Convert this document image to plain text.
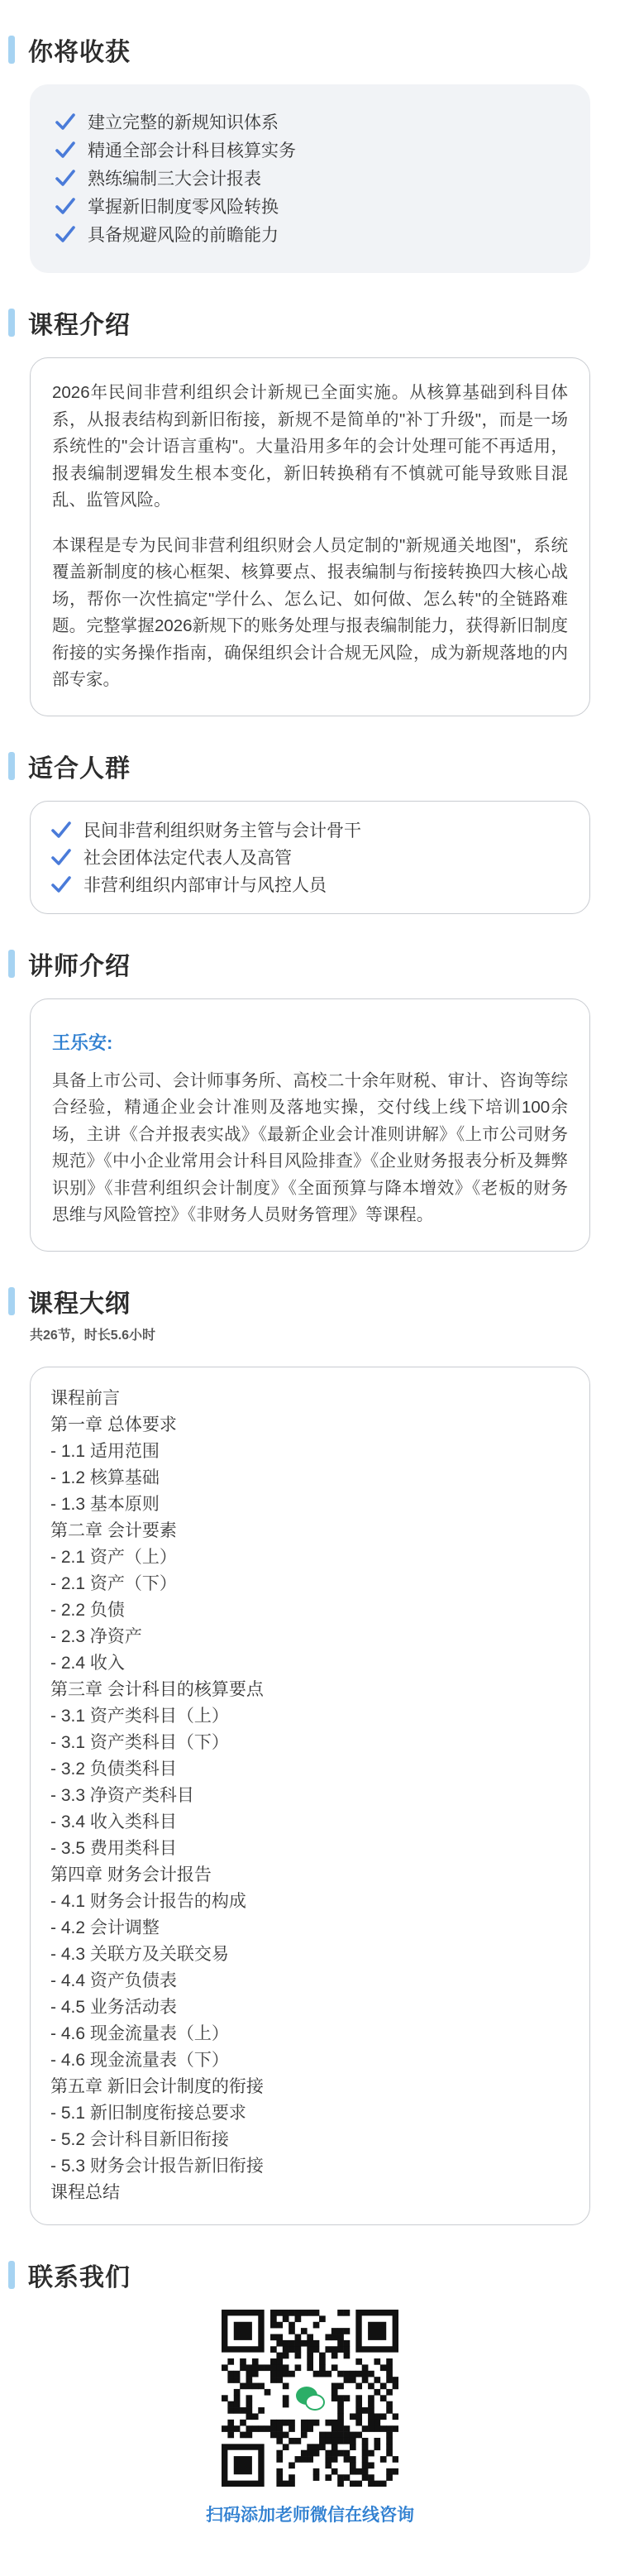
你将收获
建立完整的新规知识体系
精通全部会计科目核算实务
熟练编制三大会计报表
掌握新旧制度零风险转换
具备规避风险的前瞻能力
课程介绍

2026年民间非营利组织会计新规已全面实施。从核算基础到科目体系，从报表结构到新旧衔接，新规不是简单的"补丁升级"，而是一场系统性的"会计语言重构"。大量沿用多年的会计处理可能不再适用，报表编制逻辑发生根本变化，新旧转换稍有不慎就可能导致账目混乱、监管风险。

本课程是专为民间非营利组织财会人员定制的"新规通关地图"，系统覆盖新制度的核心框架、核算要点、报表编制与衔接转换四大核心战场，帮你一次性搞定"学什么、怎么记、如何做、怎么转"的全链路难题。完整掌握2026新规下的账务处理与报表编制能力，获得新旧制度衔接的实务操作指南，确保组织会计合规无风险，成为新规落地的内部专家。

适合人群
民间非营利组织财务主管与会计骨干
社会团体法定代表人及高管
非营利组织内部审计与风控人员
讲师介绍
王乐安:

具备上市公司、会计师事务所、高校二十余年财税、审计、咨询等综合经验，精通企业会计准则及落地实操，交付线上线下培训100余场，主讲《合并报表实战》《最新企业会计准则讲解》《上市公司财务规范》《中小企业常用会计科目风险排查》《企业财务报表分析及舞弊识别》《非营利组织会计制度》《全面预算与降本增效》《老板的财务思维与风险管控》《非财务人员财务管理》等课程。

课程大纲
共26节，时长5.6小时
课程前言
第一章 总体要求
- 1.1 适用范围
- 1.2 核算基础
- 1.3 基本原则
第二章 会计要素
- 2.1 资产（上）
- 2.1 资产（下）
- 2.2 负债
- 2.3 净资产
- 2.4 收入
第三章 会计科目的核算要点
- 3.1 资产类科目（上）
- 3.1 资产类科目（下）
- 3.2 负债类科目
- 3.3 净资产类科目
- 3.4 收入类科目
- 3.5 费用类科目
第四章 财务会计报告
- 4.1 财务会计报告的构成
- 4.2 会计调整
- 4.3 关联方及关联交易
- 4.4 资产负债表
- 4.5 业务活动表
- 4.6 现金流量表（上）
- 4.6 现金流量表（下）
第五章 新旧会计制度的衔接
- 5.1 新旧制度衔接总要求
- 5.2 会计科目新旧衔接
- 5.3 财务会计报告新旧衔接
课程总结
联系我们
扫码添加老师微信在线咨询
